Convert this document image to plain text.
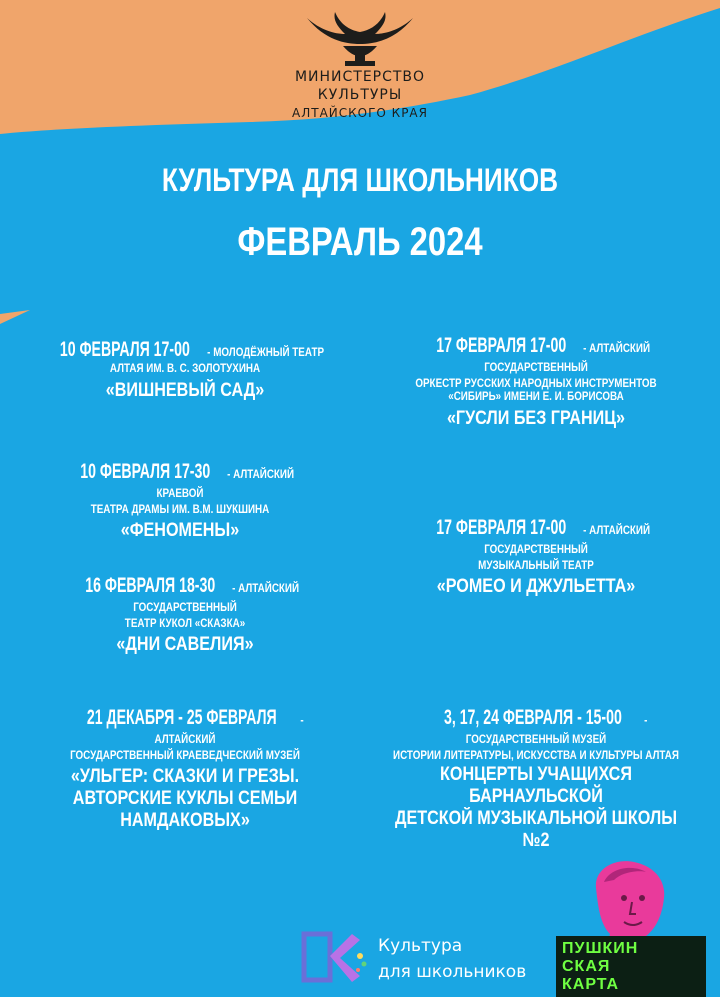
МИНИСТЕРСТВО
КУЛЬТУРЫ
АЛТАЙСКОГО КРАЯ
КУЛЬТУРА ДЛЯ ШКОЛЬНИКОВ
ФЕВРАЛЬ 2024
10 ФЕВРАЛЯ 17-00 - МОЛОДЁЖНЫЙ ТЕАТР
АЛТАЯ ИМ. В. С. ЗОЛОТУХИНА
«ВИШНЕВЫЙ САД»
17 ФЕВРАЛЯ 17-00 - АЛТАЙСКИЙ ГОСУДАРСТВЕННЫЙ
ОРКЕСТР РУССКИХ НАРОДНЫХ ИНСТРУМЕНТОВ
«СИБИРЬ» ИМЕНИ Е. И. БОРИСОВА
«ГУСЛИ БЕЗ ГРАНИЦ»
10 ФЕВРАЛЯ 17-30 - АЛТАЙСКИЙ КРАЕВОЙ
ТЕАТРА ДРАМЫ ИМ. В.М. ШУКШИНА
«ФЕНОМЕНЫ»	17 ФЕВРАЛЯ 17-00 - АЛТАЙСКИЙ ГОСУДАРСТВЕННЫЙ
МУЗЫКАЛЬНЫЙ ТЕАТР
«РОМЕО И ДЖУЛЬЕТТА»
16 ФЕВРАЛЯ 18-30 - АЛТАЙСКИЙ ГОСУДАРСТВЕННЫЙ
ТЕАТР КУКОЛ «СКАЗКА»
«ДНИ САВЕЛИЯ»
21 ДЕКАБРЯ - 25 ФЕВРАЛЯ - АЛТАЙСКИЙ
ГОСУДАРСТВЕННЫЙ КРАЕВЕДЧЕСКИЙ МУЗЕЙ
«УЛЬГЕР: СКАЗКИ И ГРЕЗЫ.
АВТОРСКИЕ КУКЛЫ СЕМЬИ НАМДАКОВЫХ»
3, 17, 24 ФЕВРАЛЯ - 15-00 - ГОСУДАРСТВЕННЫЙ МУЗЕЙ
ИСТОРИИ ЛИТЕРАТУРЫ, ИСКУССТВА И КУЛЬТУРЫ АЛТАЯ
КОНЦЕРТЫ УЧАЩИХСЯ БАРНАУЛЬСКОЙ
ДЕТСКОЙ МУЗЫКАЛЬНОЙ ШКОЛЫ №2
Культура
для школьников
ПУШКИН
СКАЯ
КАРТА
